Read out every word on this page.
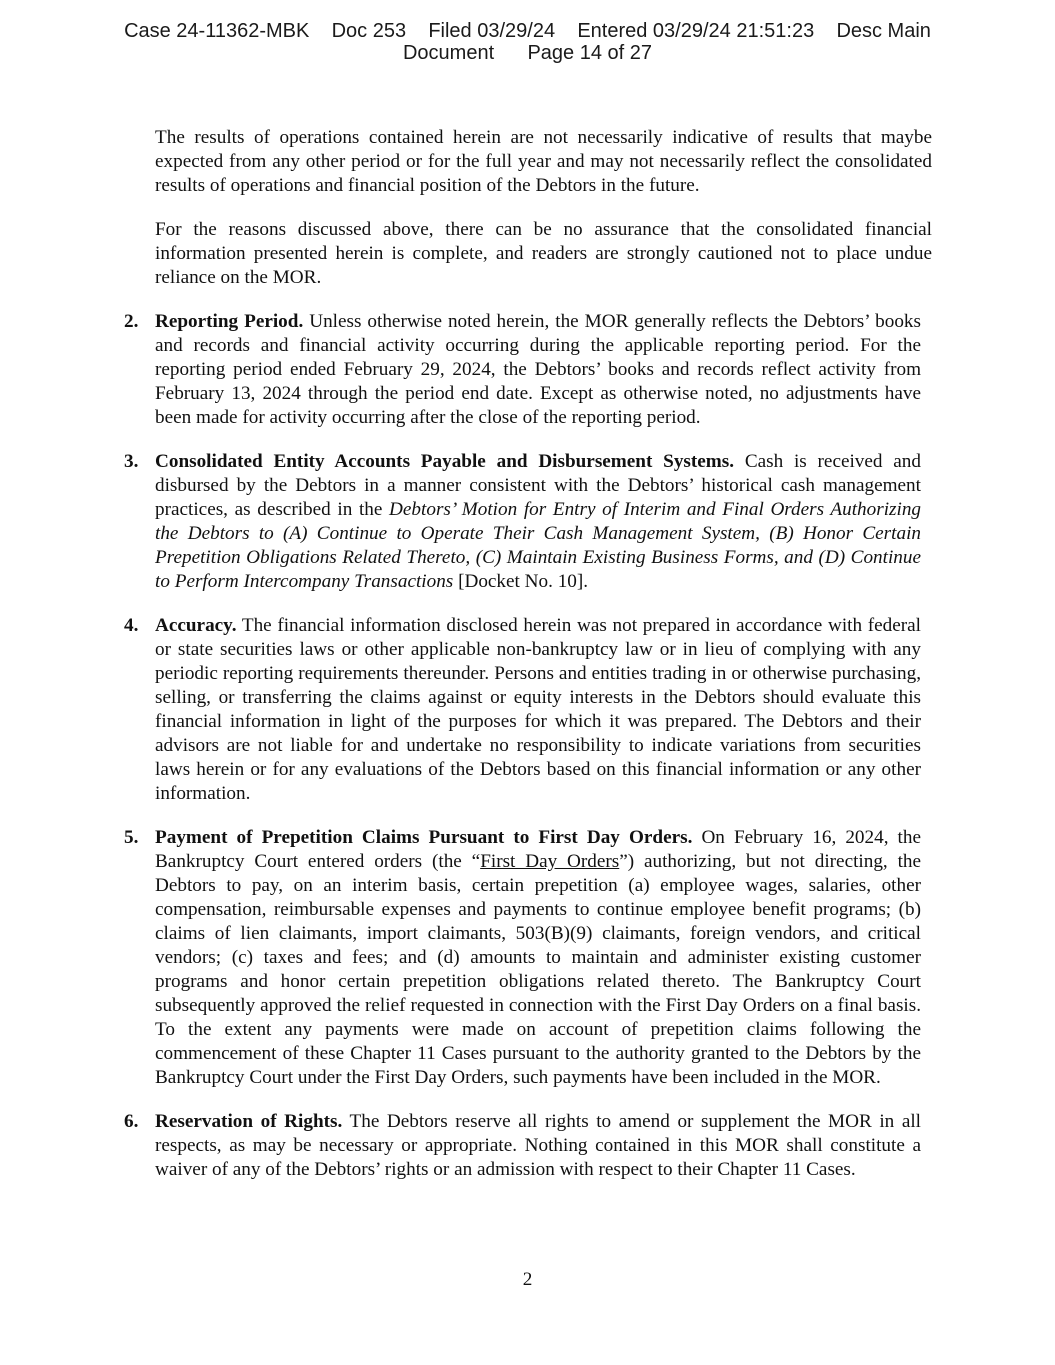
Case 24-11362-MBK Doc 253 Filed 03/29/24 Entered 03/29/24 21:51:23 Desc Main
Document Page 14 of 27

The results of operations contained herein are not necessarily indicative of results that maybe expected from any other period or for the full year and may not necessarily reflect the consolidated results of operations and financial position of the Debtors in the future.

For the reasons discussed above, there can be no assurance that the consolidated financial information presented herein is complete, and readers are strongly cautioned not to place undue reliance on the MOR.

2. Reporting Period. Unless otherwise noted herein, the MOR generally reflects the Debtors’ books and records and financial activity occurring during the applicable reporting period. For the reporting period ended February 29, 2024, the Debtors’ books and records reflect activity from February 13, 2024 through the period end date. Except as otherwise noted, no adjustments have been made for activity occurring after the close of the reporting period.
3. Consolidated Entity Accounts Payable and Disbursement Systems. Cash is received and disbursed by the Debtors in a manner consistent with the Debtors’ historical cash management practices, as described in the Debtors’ Motion for Entry of Interim and Final Orders Authorizing the Debtors to (A) Continue to Operate Their Cash Management System, (B) Honor Certain Prepetition Obligations Related Thereto, (C) Maintain Existing Business Forms, and (D) Continue to Perform Intercompany Transactions [Docket No. 10].
4. Accuracy. The financial information disclosed herein was not prepared in accordance with federal or state securities laws or other applicable non-bankruptcy law or in lieu of complying with any periodic reporting requirements thereunder. Persons and entities trading in or otherwise purchasing, selling, or transferring the claims against or equity interests in the Debtors should evaluate this financial information in light of the purposes for which it was prepared. The Debtors and their advisors are not liable for and undertake no responsibility to indicate variations from securities laws herein or for any evaluations of the Debtors based on this financial information or any other information.
5. Payment of Prepetition Claims Pursuant to First Day Orders. On February 16, 2024, the Bankruptcy Court entered orders (the “First Day Orders”) authorizing, but not directing, the Debtors to pay, on an interim basis, certain prepetition (a) employee wages, salaries, other compensation, reimbursable expenses and payments to continue employee benefit programs; (b) claims of lien claimants, import claimants, 503(B)(9) claimants, foreign vendors, and critical vendors; (c) taxes and fees; and (d) amounts to maintain and administer existing customer programs and honor certain prepetition obligations related thereto. The Bankruptcy Court subsequently approved the relief requested in connection with the First Day Orders on a final basis. To the extent any payments were made on account of prepetition claims following the commencement of these Chapter 11 Cases pursuant to the authority granted to the Debtors by the Bankruptcy Court under the First Day Orders, such payments have been included in the MOR.
6. Reservation of Rights. The Debtors reserve all rights to amend or supplement the MOR in all respects, as may be necessary or appropriate. Nothing contained in this MOR shall constitute a waiver of any of the Debtors’ rights or an admission with respect to their Chapter 11 Cases.
2
